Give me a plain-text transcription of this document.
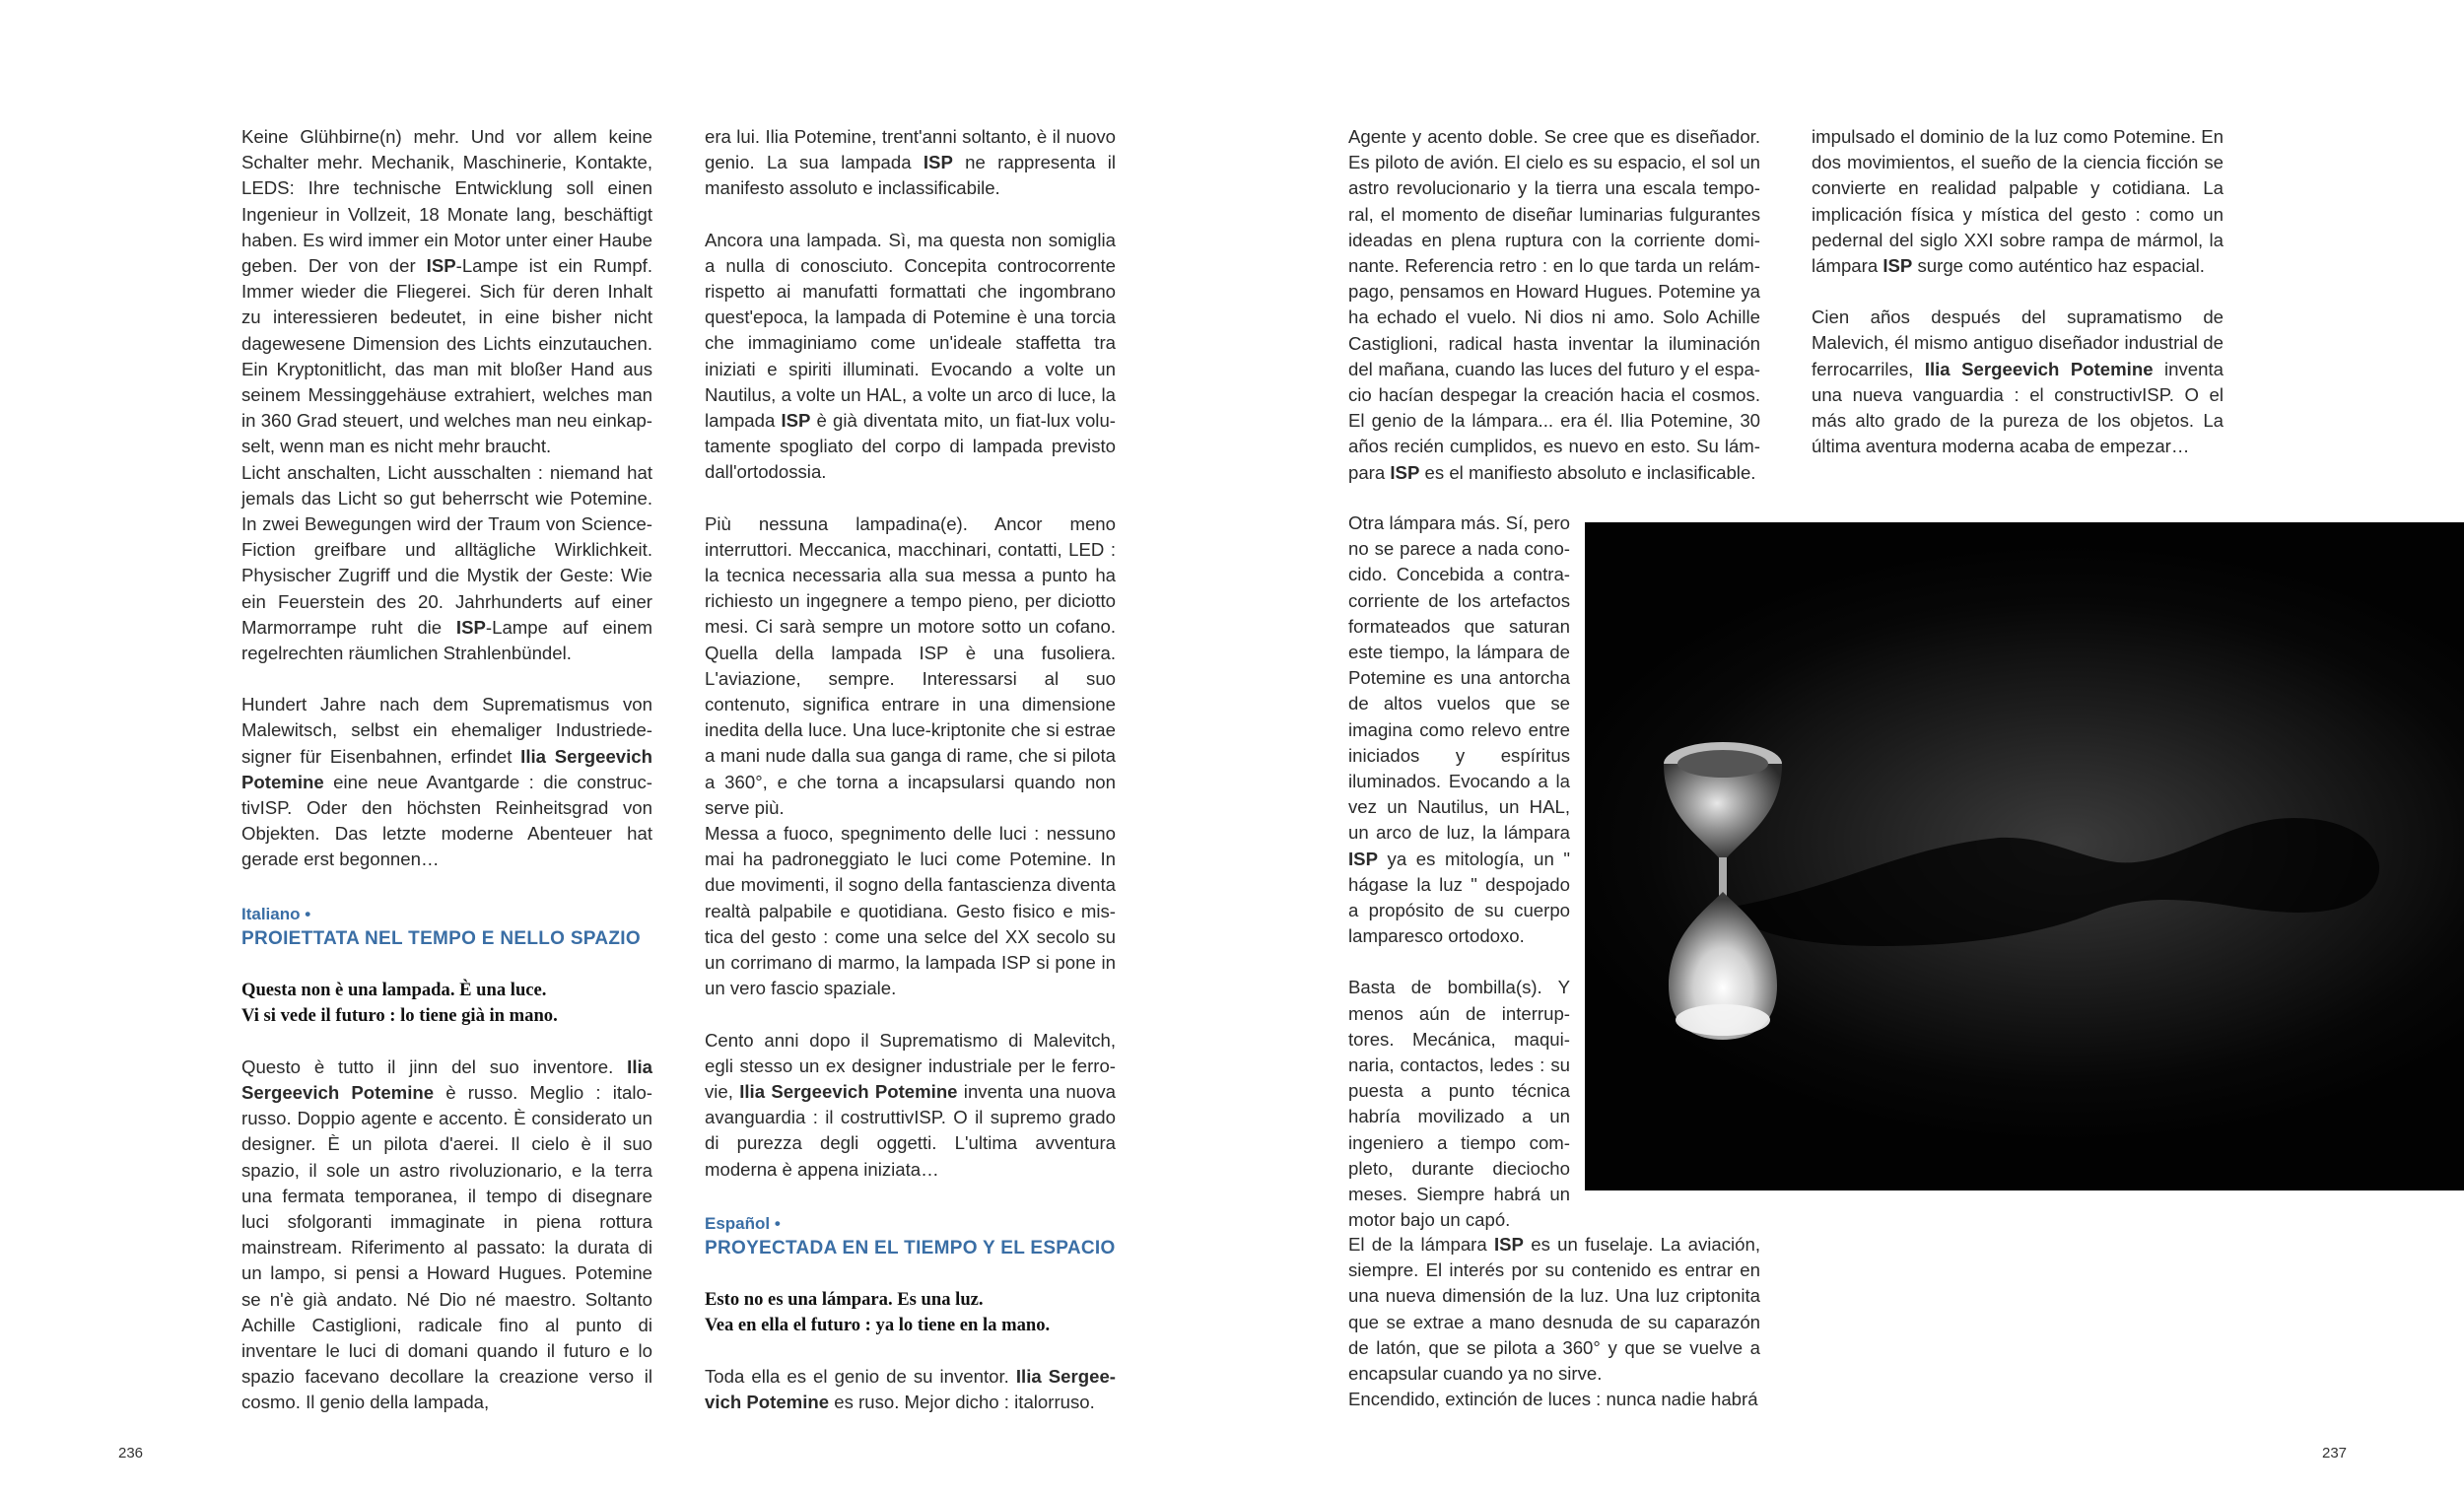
Keine Glühbirne(n) mehr. Und vor allem keine Schalter mehr. Mechanik, Maschinerie, Kontakte, LEDS: Ihre technische Entwicklung soll einen Ingenieur in Vollzeit, 18 Monate lang, beschäftigt haben. Es wird immer ein Motor unter einer Haube geben. Der von der ISP-Lampe ist ein Rumpf. Immer wieder die Fliegerei. Sich für deren Inhalt zu interessieren bedeutet, in eine bisher nicht dagewesene Dimension des Lichts einzutauchen. Ein Kryptonitlicht, das man mit bloßer Hand aus seinem Messinggehäuse extrahiert, welches man in 360 Grad steuert, und welches man neu einkapselt, wenn man es nicht mehr braucht.

Licht anschalten, Licht ausschalten : niemand hat jemals das Licht so gut beherrscht wie Potemine. In zwei Bewegungen wird der Traum von Science-Fiction greifbare und alltägliche Wirklichkeit. Physischer Zugriff und die Mystik der Geste: Wie ein Feuerstein des 20. Jahrhunderts auf einer Marmorrampe ruht die ISP-Lampe auf einem regelrechten räumlichen Strahlenbündel.

Hundert Jahre nach dem Suprematismus von Malewitsch, selbst ein ehemaliger Industriedesigner für Eisenbahnen, erfindet Ilia Sergeevich Potemine eine neue Avantgarde : die constructivISP. Oder den höchsten Reinheitsgrad von Objekten. Das letzte moderne Abenteuer hat gerade erst begonnen…

Italiano •
PROIETTATA NEL TEMPO E NELLO SPAZIO
Questa non è una lampada. È una luce.
Vi si vede il futuro : lo tiene già in mano.

Questo è tutto il jinn del suo inventore. Ilia Sergeevich Potemine è russo. Meglio : italo-russo. Doppio agente e accento. È considerato un designer. È un pilota d'aerei. Il cielo è il suo spazio, il sole un astro rivoluzionario, e la terra una fermata temporanea, il tempo di disegnare luci sfolgoranti immaginate in piena rottura mainstream. Riferimento al passato: la durata di un lampo, si pensi a Howard Hugues. Potemine se n'è già andato. Né Dio né maestro. Soltanto Achille Castiglioni, radicale fino al punto di inventare le luci di domani quando il futuro e lo spazio facevano decollare la creazione verso il cosmo. Il genio della lampada,

era lui. Ilia Potemine, trent'anni soltanto, è il nuovo genio. La sua lampada ISP ne rappresenta il manifesto assoluto e inclassificabile.

Ancora una lampada. Sì, ma questa non somiglia a nulla di conosciuto. Concepita controcorrente rispetto ai manufatti formattati che ingombrano quest'epoca, la lampada di Potemine è una torcia che immaginiamo come un'ideale staffetta tra iniziati e spiriti illuminati. Evocando a volte un Nautilus, a volte un HAL, a volte un arco di luce, la lampada ISP è già diventata mito, un fiat-lux volutamente spogliato del corpo di lampada previsto dall'ortodossia.

Più nessuna lampadina(e). Ancor meno interruttori. Meccanica, macchinari, contatti, LED : la tecnica necessaria alla sua messa a punto ha richiesto un ingegnere a tempo pieno, per diciotto mesi. Ci sarà sempre un motore sotto un cofano. Quella della lampada ISP è una fusoliera. L'aviazione, sempre. Interessarsi al suo contenuto, significa entrare in una dimensione inedita della luce. Una luce-kriptonite che si estrae a mani nude dalla sua ganga di rame, che si pilota a 360°, e che torna a incapsularsi quando non serve più.

Messa a fuoco, spegnimento delle luci : nessuno mai ha padroneggiato le luci come Potemine. In due movimenti, il sogno della fantascienza diventa realtà palpabile e quotidiana. Gesto fisico e mistica del gesto : come una selce del XX secolo su un corrimano di marmo, la lampada ISP si pone in un vero fascio spaziale.

Cento anni dopo il Suprematismo di Malevitch, egli stesso un ex designer industriale per le ferrovie, Ilia Sergeevich Potemine inventa una nuova avanguardia : il costruttivISP. O il supremo grado di purezza degli oggetti. L'ultima avventura moderna è appena iniziata…

Español •
PROYECTADA EN EL TIEMPO Y EL ESPACIO
Esto no es una lámpara. Es una luz.
Vea en ella el futuro : ya lo tiene en la mano.

Toda ella es el genio de su inventor. Ilia Sergeevich Potemine es ruso. Mejor dicho : italorruso.

Agente y acento doble. Se cree que es diseñador. Es piloto de avión. El cielo es su espacio, el sol un astro revolucionario y la tierra una escala temporal, el momento de diseñar luminarias fulgurantes ideadas en plena ruptura con la corriente dominante. Referencia retro : en lo que tarda un relámpago, pensamos en Howard Hugues. Potemine ya ha echado el vuelo. Ni dios ni amo. Solo Achille Castiglioni, radical hasta inventar la iluminación del mañana, cuando las luces del futuro y el espacio hacían despegar la creación hacia el cosmos. El genio de la lámpara... era él. Ilia Potemine, 30 años recién cumplidos, es nuevo en esto. Su lámpara ISP es el manifiesto absoluto e inclasificable.

Otra lámpara más. Sí, pero no se parece a nada conocido. Concebida a contracorriente de los artefactos formateados que saturan este tiempo, la lámpara de Potemine es una antorcha de altos vuelos que se imagina como relevo entre iniciados y espíritus iluminados. Evocando a la vez un Nautilus, un HAL, un arco de luz, la lámpara ISP ya es mitología, un " hágase la luz " despojado a propósito de su cuerpo lamparesco ortodoxo.

Basta de bombilla(s). Y menos aún de interruptores. Mecánica, maquinaria, contactos, ledes : su puesta a punto técnica habría movilizado a un ingeniero a tiempo completo, durante dieciocho meses. Siempre habrá un motor bajo un capó.

El de la lámpara ISP es un fuselaje. La aviación, siempre. El interés por su contenido es entrar en una nueva dimensión de la luz. Una luz criptonita que se extrae a mano desnuda de su caparazón de latón, que se pilota a 360° y que se vuelve a encapsular cuando ya no sirve.

Encendido, extinción de luces : nunca nadie habrá

impulsado el dominio de la luz como Potemine. En dos movimientos, el sueño de la ciencia ficción se convierte en realidad palpable y cotidiana. La implicación física y mística del gesto : como un pedernal del siglo XXI sobre rampa de mármol, la lámpara ISP surge como auténtico haz espacial.

Cien años después del supramatismo de Malevich, él mismo antiguo diseñador industrial de ferrocarriles, Ilia Sergeevich Potemine inventa una nueva vanguardia : el constructivISP. O el más alto grado de la pureza de los objetos. La última aventura moderna acaba de empezar…

236	237
